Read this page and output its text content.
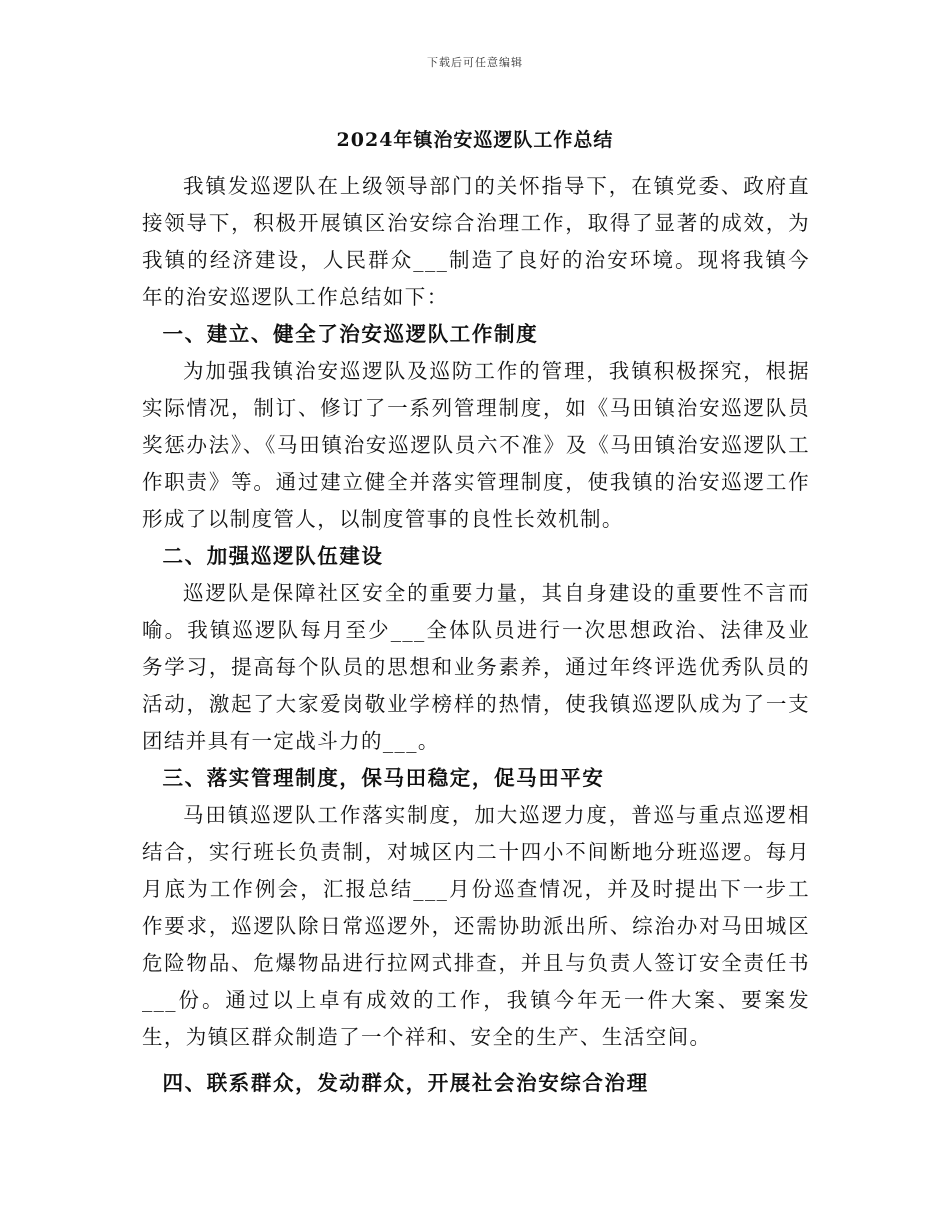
下载后可任意编辑
2024年镇治安巡逻队工作总结

我镇发巡逻队在上级领导部门的关怀指导下，在镇党委、政府直接领导下，积极开展镇区治安综合治理工作，取得了显著的成效，为我镇的经济建设，人民群众___制造了良好的治安环境。现将我镇今年的治安巡逻队工作总结如下：

一、建立、健全了治安巡逻队工作制度

为加强我镇治安巡逻队及巡防工作的管理，我镇积极探究，根据实际情况，制订、修订了一系列管理制度，如《马田镇治安巡逻队员奖惩办法》、《马田镇治安巡逻队员六不准》及《马田镇治安巡逻队工作职责》等。通过建立健全并落实管理制度，使我镇的治安巡逻工作形成了以制度管人，以制度管事的良性长效机制。

二、加强巡逻队伍建设

巡逻队是保障社区安全的重要力量，其自身建设的重要性不言而喻。我镇巡逻队每月至少___全体队员进行一次思想政治、法律及业务学习，提高每个队员的思想和业务素养，通过年终评选优秀队员的活动，激起了大家爱岗敬业学榜样的热情，使我镇巡逻队成为了一支团结并具有一定战斗力的___。

三、落实管理制度，保马田稳定，促马田平安

马田镇巡逻队工作落实制度，加大巡逻力度，普巡与重点巡逻相结合，实行班长负责制，对城区内二十四小不间断地分班巡逻。每月月底为工作例会，汇报总结___月份巡查情况，并及时提出下一步工作要求，巡逻队除日常巡逻外，还需协助派出所、综治办对马田城区危险物品、危爆物品进行拉网式排查，并且与负责人签订安全责任书___份。通过以上卓有成效的工作，我镇今年无一件大案、要案发生，为镇区群众制造了一个祥和、安全的生产、生活空间。

四、联系群众，发动群众，开展社会治安综合治理
